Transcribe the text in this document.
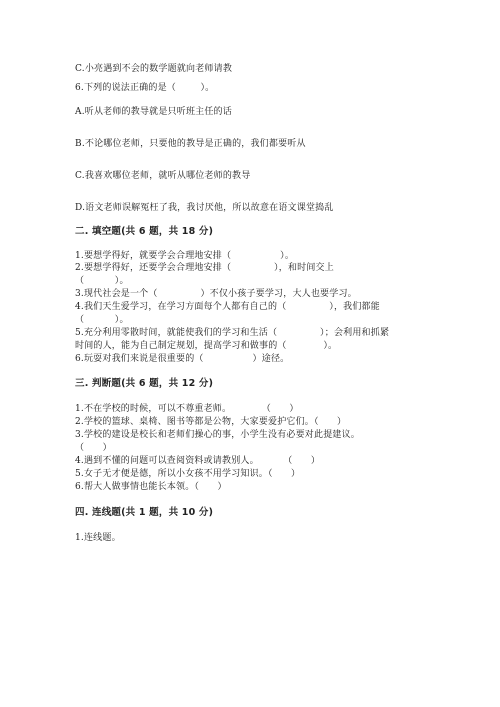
C.小亮遇到不会的数学题就向老师请教
6.下列的说法正确的是（        ）。
A.听从老师的教导就是只听班主任的话
B.不论哪位老师，只要他的教导是正确的，我们都要听从
C.我喜欢哪位老师，就听从哪位老师的教导
D.语文老师误解冤枉了我，我讨厌他，所以故意在语文课堂捣乱
二. 填空题(共 6 题，共 18 分)
1.要想学得好，就要学会合理地安排（                ）。
2.要想学得好，还要学会合理地安排（              ），和时间交上
（          ）。
3.现代社会是一个（              ）不仅小孩子要学习，大人也要学习。
4.我们天生爱学习，在学习方面每个人都有自己的（              ），我们都能
（          ）。
5.充分利用零散时间，就能使我们的学习和生活（              ）；会利用和抓紧
时间的人，能为自己制定规划，提高学习和做事的（            ）。
6.玩耍对我们来说是很重要的（                ）途径。
三. 判断题(共 6 题，共 12 分)
1.不在学校的时候，可以不尊重老师。          （      ）
2.学校的篮球、桌椅、图书等都是公物，大家要爱护它们。（      ）
3.学校的建设是校长和老师们操心的事，小学生没有必要对此提建议。
（      ）
4.遇到不懂的问题可以查阅资料或请教别人。        （      ）
5.女子无才便是德，所以小女孩不用学习知识。（      ）
6.帮大人做事情也能长本领。（      ）
四. 连线题(共 1 题，共 10 分)
1.连线题。
